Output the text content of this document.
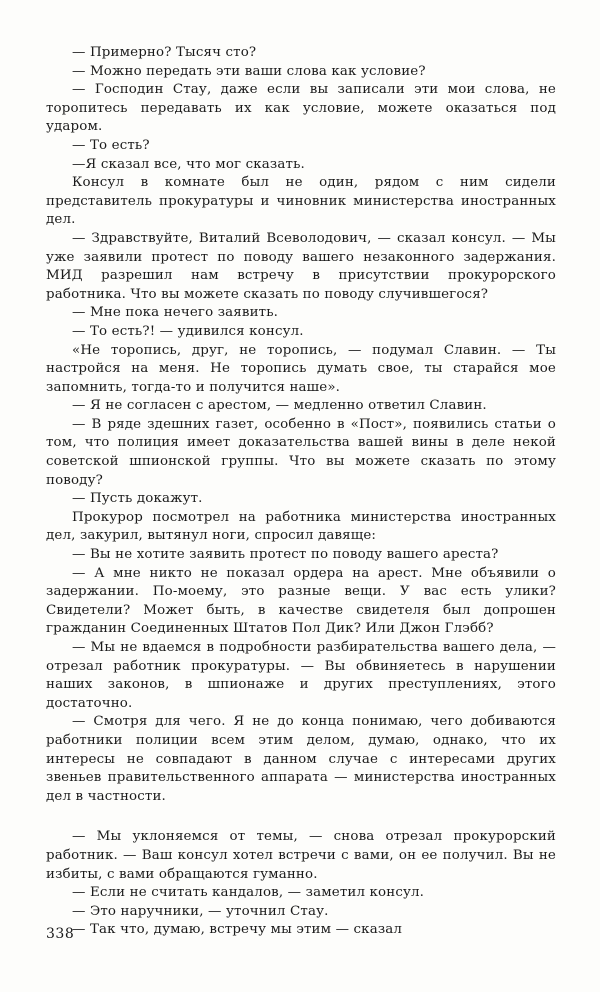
— Примерно? Тысяч сто?

— Можно передать эти ваши слова как условие?

— Господин Стау, даже если вы записали эти мои слова, не торопитесь передавать их как условие, можете оказаться под ударом.

— То есть?

—Я сказал все, что мог сказать.

Консул в комнате был не один, рядом с ним сидели представитель прокуратуры и чиновник министерства иностранных дел.

— Здравствуйте, Виталий Всеволодович, — сказал консул. — Мы уже заявили протест по поводу вашего незаконного задержания. МИД разрешил нам встречу в присутствии прокурорского работника. Что вы можете сказать по поводу случившегося?

— Мне пока нечего заявить.

— То есть?! — удивился консул.

«Не торопись, друг, не торопись, — подумал Славин. — Ты настройся на меня. Не торопись думать свое, ты старайся мое запомнить, тогда-то и получится наше».

— Я не согласен с арестом, — медленно ответил Славин.

— В ряде здешних газет, особенно в «Пост», появились статьи о том, что полиция имеет доказательства вашей вины в деле некой советской шпионской группы. Что вы можете сказать по этому поводу?

— Пусть докажут.

Прокурор посмотрел на работника министерства иностранных дел, закурил, вытянул ноги, спросил давяще:

— Вы не хотите заявить протест по поводу вашего ареста?

— А мне никто не показал ордера на арест. Мне объявили о задержании. По-моему, это разные вещи. У вас есть улики? Свидетели? Может быть, в качестве свидетеля был допрошен гражданин Соединенных Штатов Пол Дик? Или Джон Глэбб?

— Мы не вдаемся в подробности разбирательства вашего дела, — отрезал работник прокуратуры. — Вы обвиняетесь в нарушении наших законов, в шпионаже и других преступлениях, этого достаточно.

— Смотря для чего. Я не до конца понимаю, чего добиваются работники полиции всем этим делом, думаю, однако, что их интересы не совпадают в данном случае с интересами других звеньев правительственного аппарата — министерства иностранных дел в частности.

— Мы уклоняемся от темы, — снова отрезал прокурорский работник. — Ваш консул хотел встречи с вами, он ее получил. Вы не избиты, с вами обращаются гуманно.

— Если не считать кандалов, — заметил консул.

— Это наручники, — уточнил Стау.

— Так что, думаю, встречу мы этим — сказал

338
